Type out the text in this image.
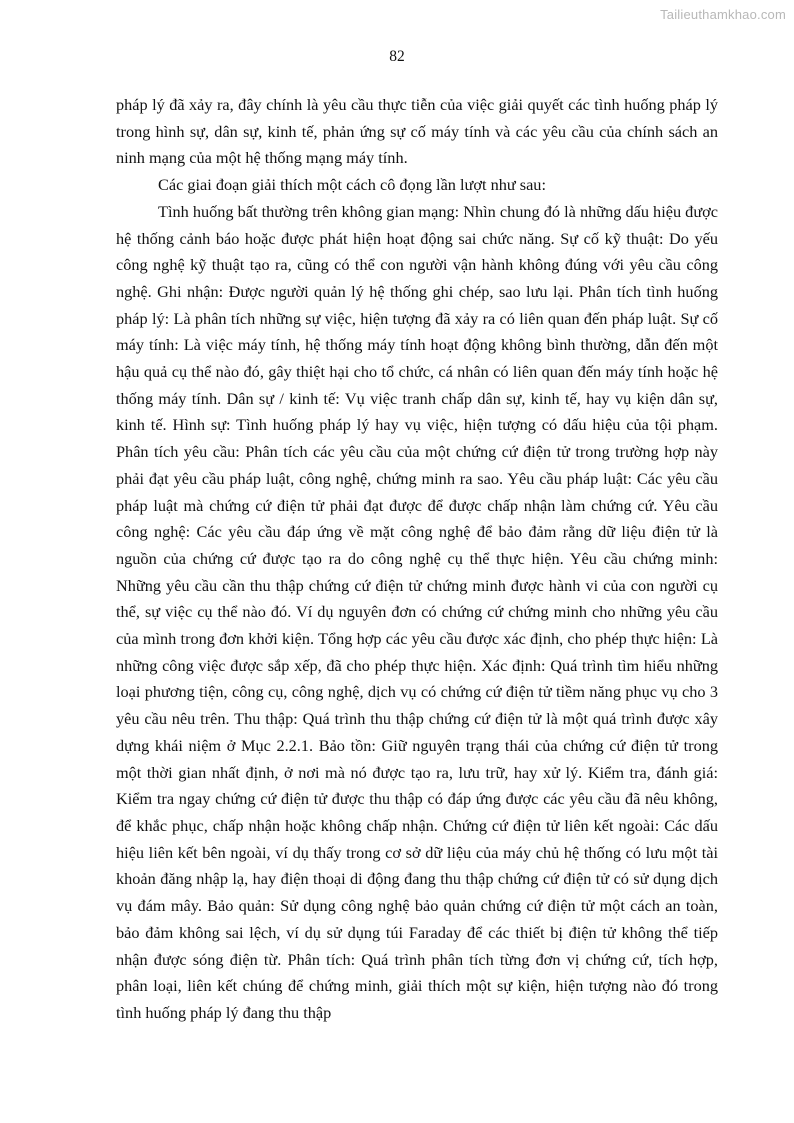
Tailieuthamkhao.com
82

pháp lý đã xảy ra, đây chính là yêu cầu thực tiễn của việc giải quyết các tình huống pháp lý trong hình sự, dân sự, kinh tế, phản ứng sự cố máy tính và các yêu cầu của chính sách an ninh mạng của một hệ thống mạng máy tính.

Các giai đoạn giải thích một cách cô đọng lần lượt như sau:

Tình huống bất thường trên không gian mạng: Nhìn chung đó là những dấu hiệu được hệ thống cảnh báo hoặc được phát hiện hoạt động sai chức năng. Sự cố kỹ thuật: Do yếu công nghệ kỹ thuật tạo ra, cũng có thể con người vận hành không đúng với yêu cầu công nghệ. Ghi nhận: Được người quản lý hệ thống ghi chép, sao lưu lại. Phân tích tình huống pháp lý: Là phân tích những sự việc, hiện tượng đã xảy ra có liên quan đến pháp luật. Sự cố máy tính: Là việc máy tính, hệ thống máy tính hoạt động không bình thường, dẫn đến một hậu quả cụ thể nào đó, gây thiệt hại cho tổ chức, cá nhân có liên quan đến máy tính hoặc hệ thống máy tính. Dân sự / kinh tế: Vụ việc tranh chấp dân sự, kinh tế, hay vụ kiện dân sự, kinh tế. Hình sự: Tình huống pháp lý hay vụ việc, hiện tượng có dấu hiệu của tội phạm. Phân tích yêu cầu: Phân tích các yêu cầu của một chứng cứ điện tử trong trường hợp này phải đạt yêu cầu pháp luật, công nghệ, chứng minh ra sao. Yêu cầu pháp luật: Các yêu cầu pháp luật mà chứng cứ điện tử phải đạt được để được chấp nhận làm chứng cứ. Yêu cầu công nghệ: Các yêu cầu đáp ứng về mặt công nghệ để bảo đảm rằng dữ liệu điện tử là nguồn của chứng cứ được tạo ra do công nghệ cụ thể thực hiện. Yêu cầu chứng minh: Những yêu cầu cần thu thập chứng cứ điện tử chứng minh được hành vi của con người cụ thể, sự việc cụ thể nào đó. Ví dụ nguyên đơn có chứng cứ chứng minh cho những yêu cầu của mình trong đơn khởi kiện. Tổng hợp các yêu cầu được xác định, cho phép thực hiện: Là những công việc được sắp xếp, đã cho phép thực hiện. Xác định: Quá trình tìm hiểu những loại phương tiện, công cụ, công nghệ, dịch vụ có chứng cứ điện tử tiềm năng phục vụ cho 3 yêu cầu nêu trên. Thu thập: Quá trình thu thập chứng cứ điện tử là một quá trình được xây dựng khái niệm ở Mục 2.2.1. Bảo tồn: Giữ nguyên trạng thái của chứng cứ điện tử trong một thời gian nhất định, ở nơi mà nó được tạo ra, lưu trữ, hay xử lý. Kiểm tra, đánh giá: Kiểm tra ngay chứng cứ điện tử được thu thập có đáp ứng được các yêu cầu đã nêu không, để khắc phục, chấp nhận hoặc không chấp nhận. Chứng cứ điện tử liên kết ngoài: Các dấu hiệu liên kết bên ngoài, ví dụ thấy trong cơ sở dữ liệu của máy chủ hệ thống có lưu một tài khoản đăng nhập lạ, hay điện thoại di động đang thu thập chứng cứ điện tử có sử dụng dịch vụ đám mây. Bảo quản: Sử dụng công nghệ bảo quản chứng cứ điện tử một cách an toàn, bảo đảm không sai lệch, ví dụ sử dụng túi Faraday để các thiết bị điện tử không thể tiếp nhận được sóng điện từ. Phân tích: Quá trình phân tích từng đơn vị chứng cứ, tích hợp, phân loại, liên kết chúng để chứng minh, giải thích một sự kiện, hiện tượng nào đó trong tình huống pháp lý đang thu thập
